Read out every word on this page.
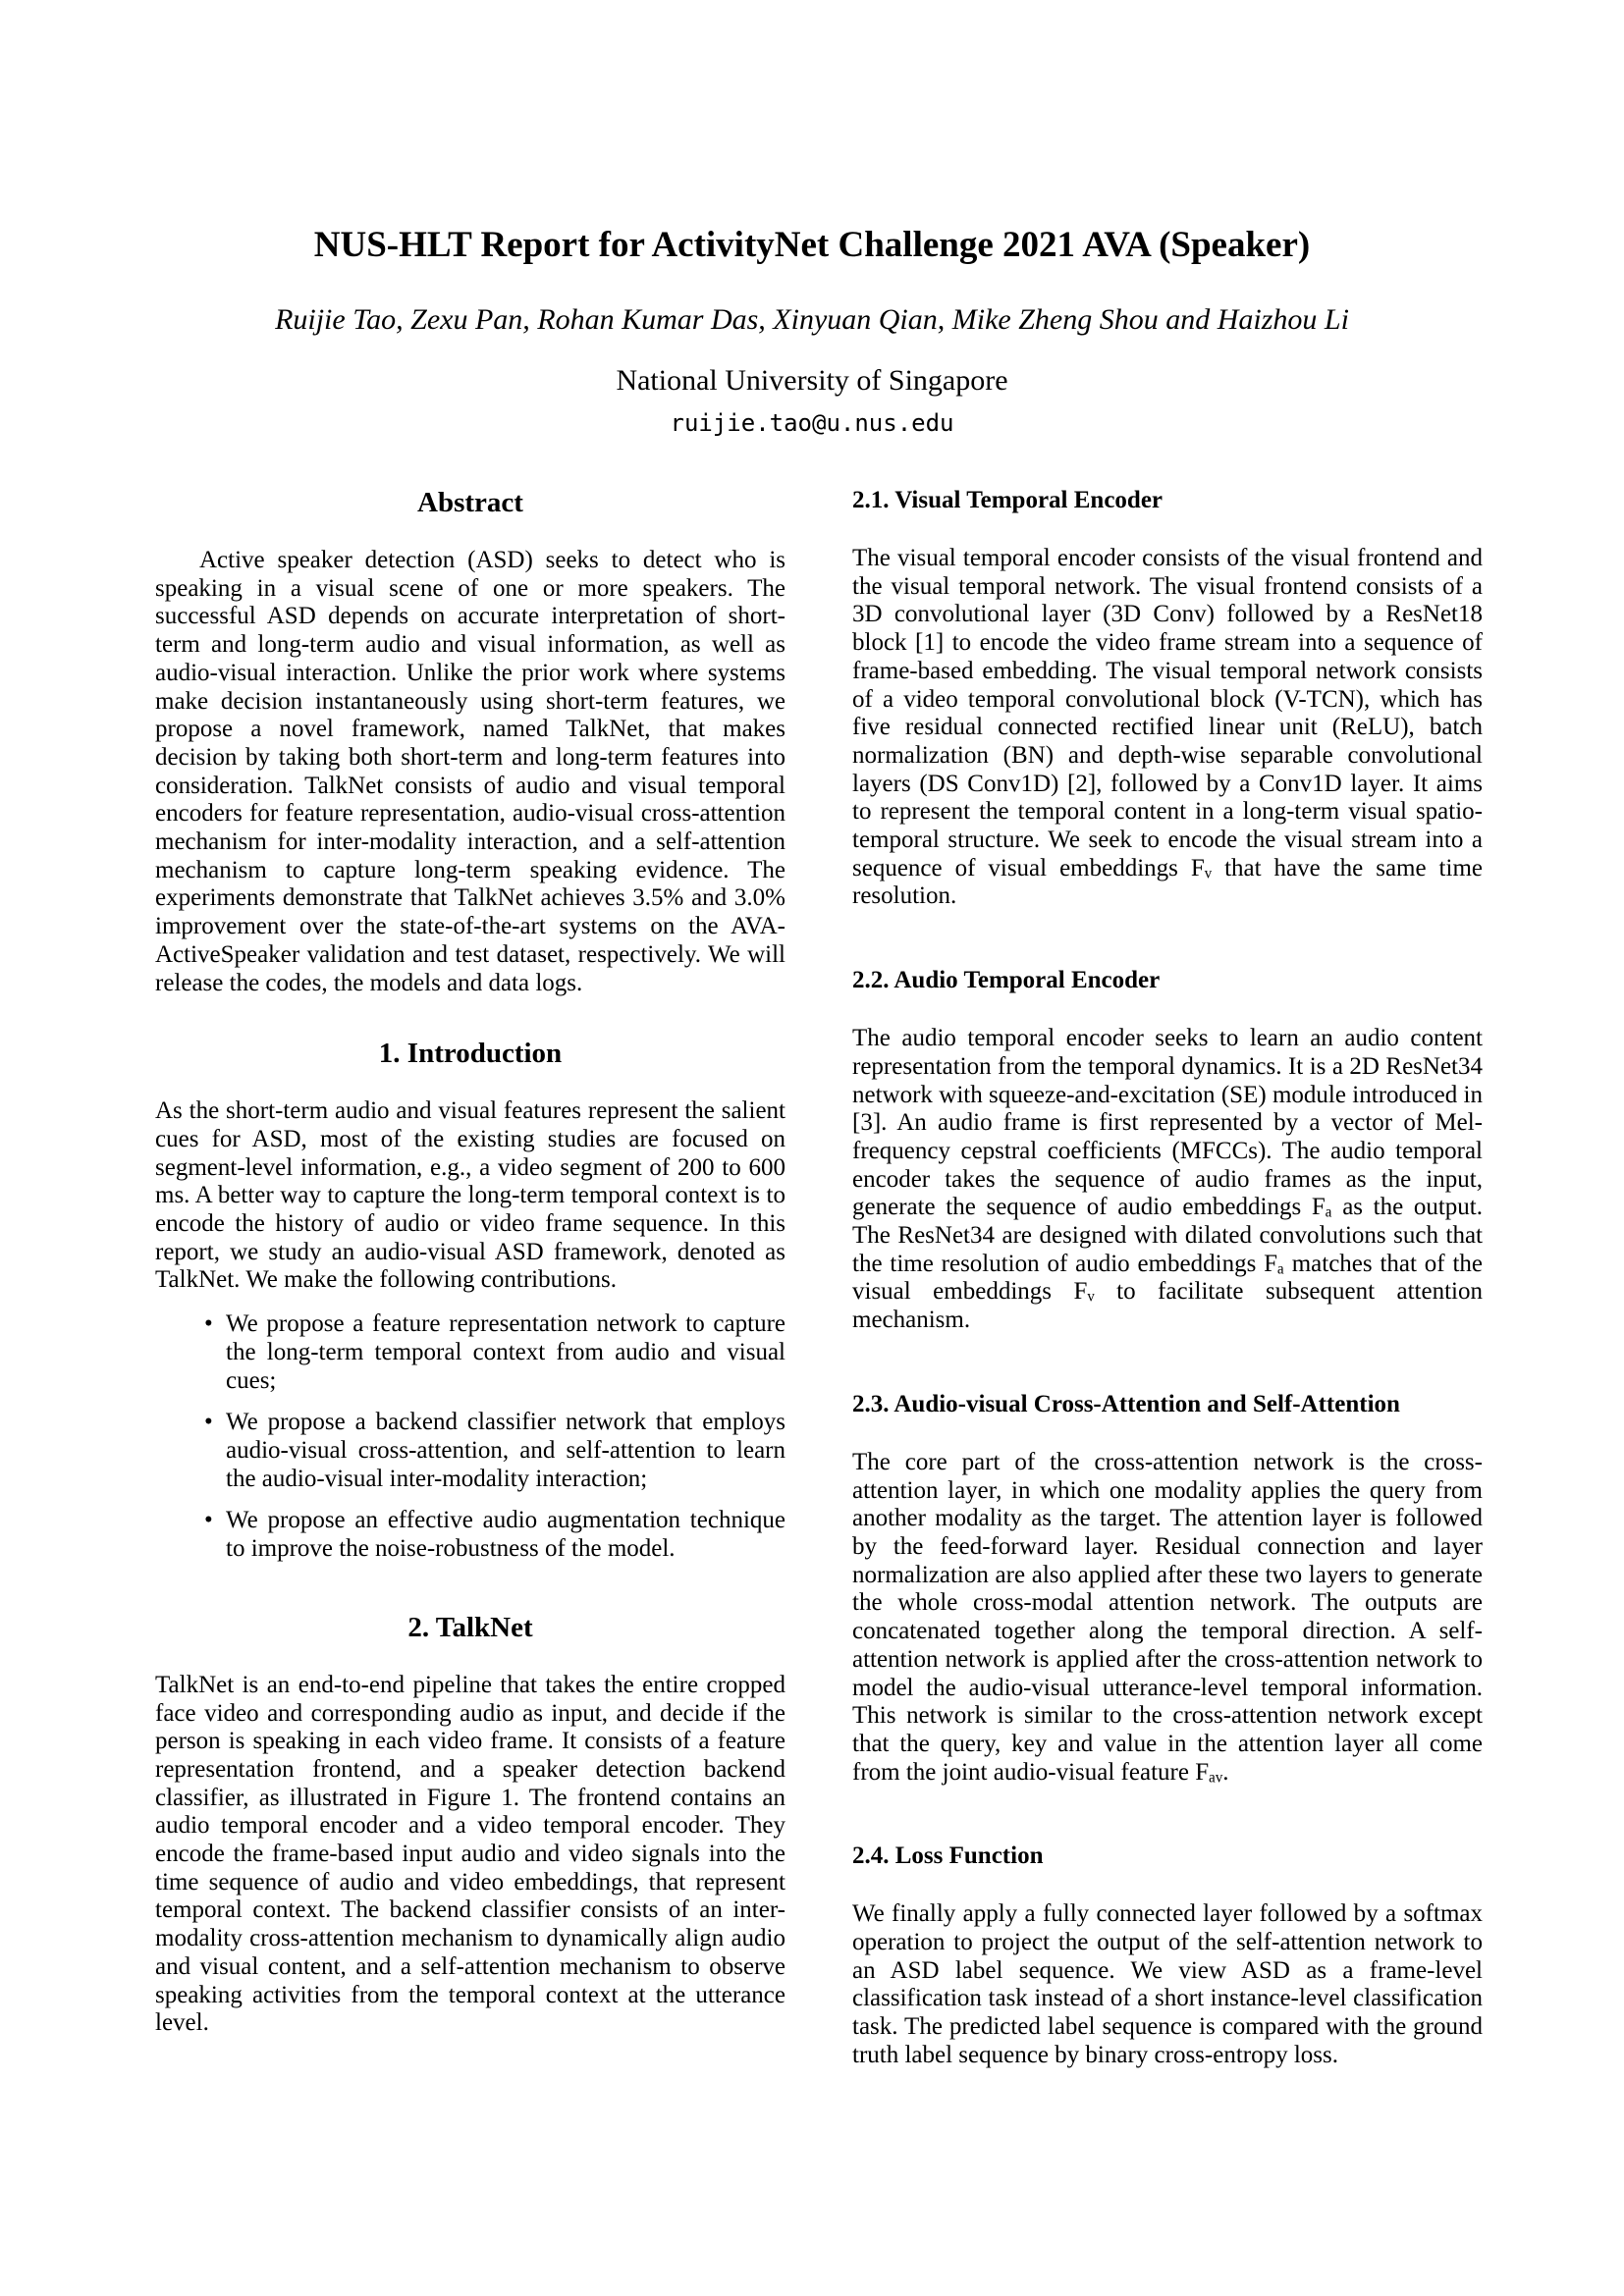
NUS-HLT Report for ActivityNet Challenge 2021 AVA (Speaker)
Ruijie Tao, Zexu Pan, Rohan Kumar Das, Xinyuan Qian, Mike Zheng Shou and Haizhou Li
National University of Singapore
ruijie.tao@u.nus.edu
Abstract

Active speaker detection (ASD) seeks to detect who is speaking in a visual scene of one or more speakers. The successful ASD depends on accurate interpretation of short-term and long-term audio and visual information, as well as audio-visual interaction. Unlike the prior work where systems make decision instantaneously using short-term features, we propose a novel framework, named TalkNet, that makes decision by taking both short-term and long-term features into consideration. TalkNet consists of audio and visual temporal encoders for feature representation, audio-visual cross-attention mechanism for inter-modality interaction, and a self-attention mechanism to capture long-term speaking evidence. The experiments demonstrate that TalkNet achieves 3.5% and 3.0% improvement over the state-of-the-art systems on the AVA-ActiveSpeaker validation and test dataset, respectively. We will release the codes, the models and data logs.

1. Introduction

As the short-term audio and visual features represent the salient cues for ASD, most of the existing studies are focused on segment-level information, e.g., a video segment of 200 to 600 ms. A better way to capture the long-term temporal context is to encode the history of audio or video frame sequence. In this report, we study an audio-visual ASD framework, denoted as TalkNet. We make the following contributions.

• We propose a feature representation network to capture the long-term temporal context from audio and visual cues;
• We propose a backend classifier network that employs audio-visual cross-attention, and self-attention to learn the audio-visual inter-modality interaction;
• We propose an effective audio augmentation technique to improve the noise-robustness of the model.
2. TalkNet

TalkNet is an end-to-end pipeline that takes the entire cropped face video and corresponding audio as input, and decide if the person is speaking in each video frame. It consists of a feature representation frontend, and a speaker detection backend classifier, as illustrated in Figure 1. The frontend contains an audio temporal encoder and a video temporal encoder. They encode the frame-based input audio and video signals into the time sequence of audio and video embeddings, that represent temporal context. The backend classifier consists of an inter-modality cross-attention mechanism to dynamically align audio and visual content, and a self-attention mechanism to observe speaking activities from the temporal context at the utterance level.

2.1. Visual Temporal Encoder

The visual temporal encoder consists of the visual frontend and the visual temporal network. The visual frontend consists of a 3D convolutional layer (3D Conv) followed by a ResNet18 block [1] to encode the video frame stream into a sequence of frame-based embedding. The visual temporal network consists of a video temporal convolutional block (V-TCN), which has five residual connected rectified linear unit (ReLU), batch normalization (BN) and depth-wise separable convolutional layers (DS Conv1D) [2], followed by a Conv1D layer. It aims to represent the temporal content in a long-term visual spatio-temporal structure. We seek to encode the visual stream into a sequence of visual embeddings Fᵥ that have the same time resolution.

2.2. Audio Temporal Encoder

The audio temporal encoder seeks to learn an audio content representation from the temporal dynamics. It is a 2D ResNet34 network with squeeze-and-excitation (SE) module introduced in [3]. An audio frame is first represented by a vector of Mel-frequency cepstral coefficients (MFCCs). The audio temporal encoder takes the sequence of audio frames as the input, generate the sequence of audio embeddings Fₐ as the output. The ResNet34 are designed with dilated convolutions such that the time resolution of audio embeddings Fₐ matches that of the visual embeddings Fᵥ to facilitate subsequent attention mechanism.

2.3. Audio-visual Cross-Attention and Self-Attention

The core part of the cross-attention network is the cross-attention layer, in which one modality applies the query from another modality as the target. The attention layer is followed by the feed-forward layer. Residual connection and layer normalization are also applied after these two layers to generate the whole cross-modal attention network. The outputs are concatenated together along the temporal direction. A self-attention network is applied after the cross-attention network to model the audio-visual utterance-level temporal information. This network is similar to the cross-attention network except that the query, key and value in the attention layer all come from the joint audio-visual feature Fₐᵥ.

2.4. Loss Function

We finally apply a fully connected layer followed by a softmax operation to project the output of the self-attention network to an ASD label sequence. We view ASD as a frame-level classification task instead of a short instance-level classification task. The predicted label sequence is compared with the ground truth label sequence by binary cross-entropy loss.
